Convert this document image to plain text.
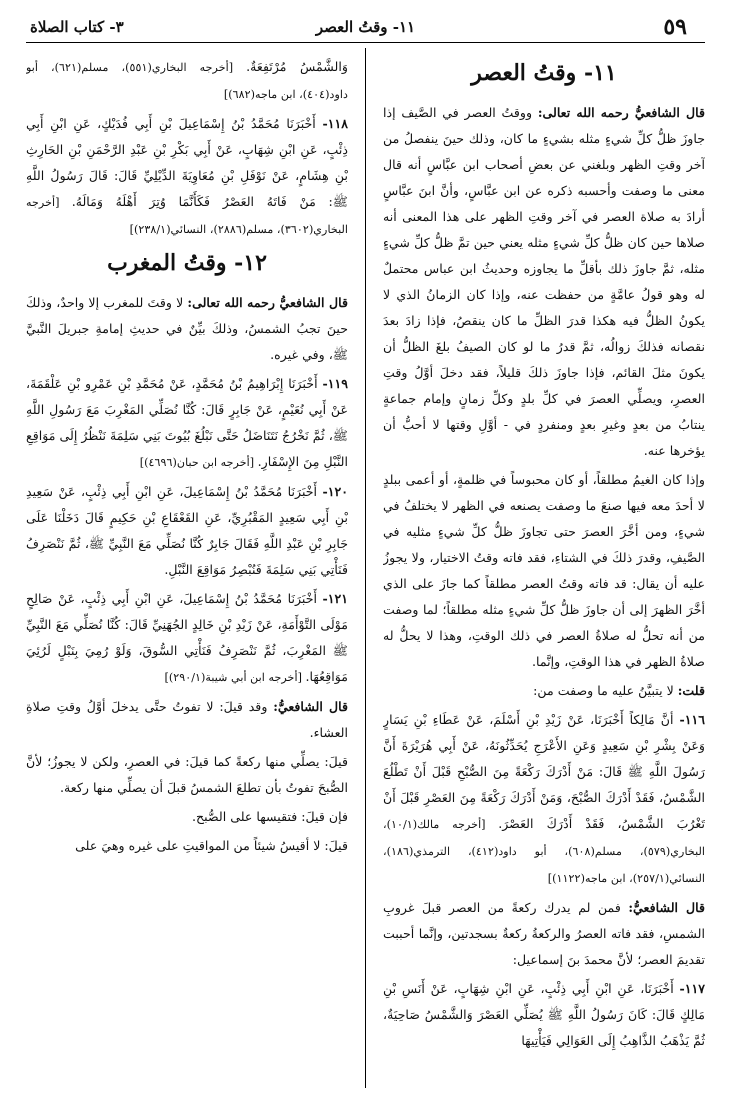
٥٩
١١- وقتُ العصر
٣- كتاب الصلاة
١١- وقتُ العصر

قال الشافعيُّ رحمه الله تعالى: ووقتُ العصر في الصَّيف إذا جاوزَ ظلُّ كلِّ شيءٍ مثله بشيءٍ ما كان، وذلك حينَ ينفصلُ من آخر وقتِ الظهر وبلغني عن بعضِ أصحاب ابن عبَّاسٍ أنه قال معنى ما وصفت وأحسبه ذكره عن ابن عبَّاسٍ، وأنَّ ابنَ عبَّاسٍ أرادَ به صلاة العصر في آخر وقتِ الظهر على هذا المعنى أنه صلاها حين كان ظلُّ كلِّ شيءٍ مثله يعني حين تمَّ ظلُّ كلِّ شيءٍ مثله، ثمَّ جاوزَ ذلك بأقلِّ ما يجاوزه وحديثُ ابن عباس محتملٌ له وهو قولُ عامَّةٍ من حفظت عنه، وإذا كان الزمانُ الذي لا يكونُ الظلُّ فيه هكذا قدرَ الظلِّ ما كان ينقصُ، فإذا زادَ بعدَ نقصانه فذلكَ زوالُه، ثمَّ قدرُ ما لو كان الصيفُ بلغَ الظلُّ أن يكونَ مثلَ القائم، فإذا جاوزَ ذلكَ قليلاً، فقد دخلَ أوَّلُ وقتِ العصرِ، ويصلِّي العصرَ في كلِّ بلدٍ وكلِّ زمانٍ وإمام جماعةٍ ينتابُ من بعدٍ وغيرِ بعدٍ ومنفردٍ في - أوَّلِ وقتها لا أحبُّ أن يؤخرها عنه.

وإذا كان الغيمُ مطلقاً، أو كان محبوساً في ظلمةٍ، أو أعمى ببلدٍ لا أحدَ معه فيها صنعَ ما وصفت يصنعه في الظهر لا يختلفُ في شيءٍ، ومن أخَّرَ العصرَ حتى تجاوزَ ظلُّ كلِّ شيءٍ مثليه في الصَّيفِ، وقدرَ ذلكَ في الشتاءِ، فقد فاته وقتُ الاختيار، ولا يجوزُ عليه أن يقال: قد فاته وقتُ العصر مطلقاً كما جازَ على الذي أخَّرَ الظهرَ إلى أن جاوزَ ظلُّ كلِّ شيءٍ مثله مطلقاً؛ لما وصفت من أنه تحلُّ له صلاةُ العصر في ذلك الوقتِ، وهذا لا يحلُّ له صلاةُ الظهر في هذا الوقتِ، وإنَّما.

قلت: لا يتبيَّنُ عليه ما وصفت من:

١١٦- أنَّ مَالِكاً أَخْبَرَنَا، عَنْ زَيْدِ بْنِ أَسْلَمَ، عَنْ عَطَاءِ بْنِ يَسَارٍ وَعَنْ بِشْرِ بْنِ سَعِيدٍ وَعَنِ الأَعْرَجِ يُحَدِّثُونَهُ، عَنْ أَبِي هُرَيْرَةَ أَنَّ رَسُولَ اللَّهِ ﷺ قَالَ: مَنْ أَدْرَكَ رَكْعَةً مِنَ الصُّبْحِ قَبْلَ أَنْ تَطْلُعَ الشَّمْسُ، فَقَدْ أَدْرَكَ الصُّبْحَ، وَمَنْ أَدْرَكَ رَكْعَةً مِنَ العَصْرِ قَبْلَ أَنْ تَغْرُبَ الشَّمْسُ، فَقَدْ أَدْرَكَ العَصْرَ. [أخرجه مالك(١٠/١)، البخاري(٥٧٩)، مسلم(٦٠٨)، أبو داود(٤١٢)، الترمذي(١٨٦)، النسائي(٢٥٧/١)، ابن ماجه(١١٢٢)]

قال الشافعيُّ: فمن لم يدرك ركعةً من العصر قبلَ غروبِ الشمسِ، فقد فاته العصرُ والركعةُ ركعةٌ بسجدتين، وإنَّما أحببت تقديمَ العصر؛ لأنَّ محمدَ بنَ إسماعيل:

١١٧- أَخْبَرَنَا، عَنِ ابْنِ أَبِي ذِئْبٍ، عَنِ ابْنِ شِهَابٍ، عَنْ أَنَسِ بْنِ مَالِكٍ قَالَ: كَانَ رَسُولُ اللَّهِ ﷺ يُصَلِّي العَصْرَ وَالشَّمْسُ صَاحِيَةٌ، ثُمَّ يَذْهَبُ الذَّاهِبُ إِلَى العَوَالِي فَيَأْتِيهَا

وَالشَّمْسُ مُرْتَفِعَةٌ. [أخرجه البخاري(٥٥١)، مسلم(٦٢١)، أبو داود(٤٠٤)، ابن ماجه(٦٨٢)]

١١٨- أَخْبَرَنَا مُحَمَّدُ بْنُ إِسْمَاعِيلَ بْنِ أَبِي فُدَيْكٍ، عَنِ ابْنِ أَبِي ذِئْبٍ، عَنِ ابْنِ شِهَابٍ، عَنْ أَبِي بَكْرِ بْنِ عَبْدِ الرَّحْمَنِ بْنِ الحَارِثِ بْنِ هِشَامٍ، عَنْ نَوْفَلِ بْنِ مُعَاوِيَةَ الدِّيْلِيِّ قَالَ: قَالَ رَسُولُ اللَّهِ ﷺ: مَنْ فَاتَهُ العَصْرُ فَكَأَنَّمَا وُتِرَ أَهْلَهُ وَمَالَهُ. [أخرجه البخاري(٣٦٠٢)، مسلم(٢٨٨٦)، النسائي(٢٣٨/١)]

١٢- وقتُ المغرب

قال الشافعيُّ رحمه الله تعالى: لا وقتَ للمغرب إلا واحدٌ، وذلكَ حينَ تجبُ الشمسُ، وذلكَ بيِّنٌ في حديثِ إمامةِ جبريلَ النَّبيَّ ﷺ، وفي غيره.

١١٩- أَخْبَرَنَا إِبْرَاهِيمُ بْنُ مُحَمَّدٍ، عَنْ مُحَمَّدِ بْنِ عَمْرِو بْنِ عَلْقَمَةَ، عَنْ أَبِي نُعَيْمٍ، عَنْ جَابِرٍ قَالَ: كُنَّا نُصَلِّي المَغْرِبَ مَعَ رَسُولِ اللَّهِ ﷺ، ثُمَّ نَخْرُجُ نَتَنَاضَلُ حَتَّى نَبْلُغَ بُيُوتَ بَنِي سَلِمَةَ نَنْظُرُ إِلَى مَوَاقِعِ النَّبْلِ مِنَ الإِسْفَارِ. [أخرجه ابن حبان(٤٦٩٦)]

١٢٠- أَخْبَرَنَا مُحَمَّدُ بْنُ إِسْمَاعِيلَ، عَنِ ابْنِ أَبِي ذِئْبٍ، عَنْ سَعِيدِ بْنِ أَبِي سَعِيدٍ المَقْبُرِيِّ، عَنِ القَعْقَاعِ بْنِ حَكِيمٍ قَالَ دَخَلْنَا عَلَى جَابِرِ بْنِ عَبْدِ اللَّهِ فَقَالَ جَابِرٌ كُنَّا نُصَلِّي مَعَ النَّبِيِّ ﷺ، ثُمَّ نَنْصَرِفُ فَنَأْتِي بَنِي سَلِمَةَ فَنُبْصِرُ مَوَاقِعَ النَّبْلِ.

١٢١- أَخْبَرَنَا مُحَمَّدُ بْنُ إِسْمَاعِيلَ، عَنِ ابْنِ أَبِي ذِئْبٍ، عَنْ صَالِحٍ مَوْلَى التَّوْأَمَةِ، عَنْ زَيْدِ بْنِ خَالِدٍ الجُهَنِيِّ قَالَ: كُنَّا نُصَلِّي مَعَ النَّبِيِّ ﷺ المَغْرِبَ، ثُمَّ نَنْصَرِفُ فَنَأْتِي السُّوقَ، وَلَوْ رُمِيَ بِنَبْلٍ لَرُئِيَ مَوَاقِعُهَا. [أخرجه ابن أبي شيبة(٢٩٠/١)]

قال الشافعيُّ: وقد قيلَ: لا تفوتُ حتَّى يدخلَ أوَّلُ وقتِ صلاةِ العشاء.

قيلَ: يصلِّي منها ركعةً كما قيلَ: في العصرِ، ولكن لا يجوزُ؛ لأنَّ الصُّبحَ تفوتُ بأن تطلعَ الشمسُ قبلَ أن يصلِّي منها ركعة.

فإن قيلَ: فتقيسها على الصُّبح.

قيلَ: لا أقيسُ شيئاً من المواقيتِ على غيره وهيَ على
